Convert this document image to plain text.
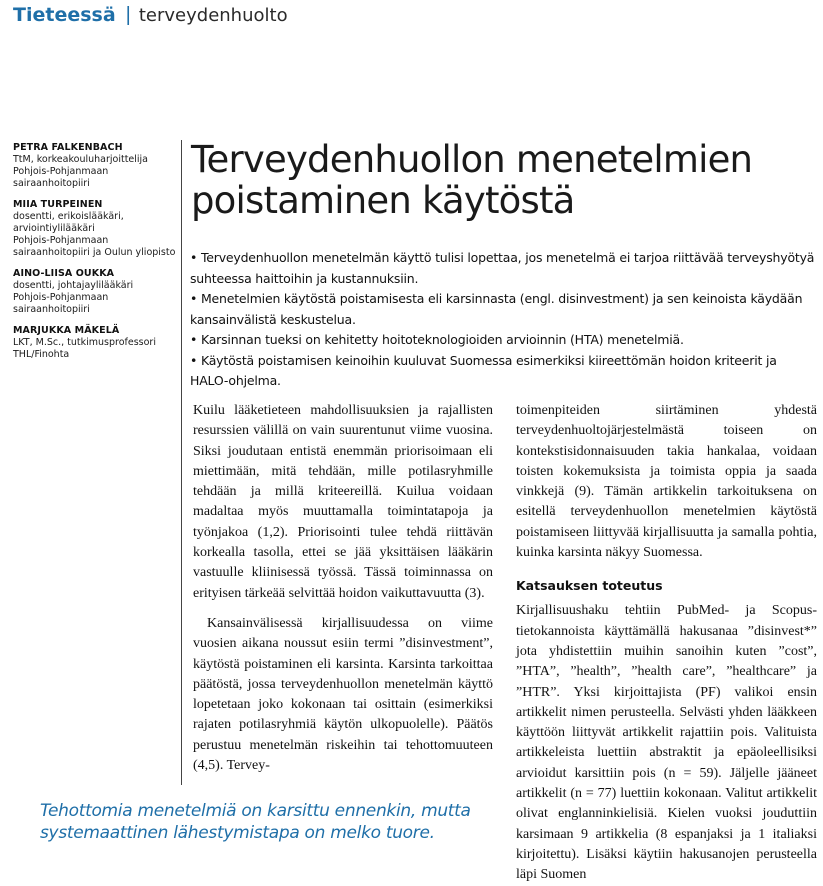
Tieteessä | terveydenhuolto
PETRA FALKENBACH
TtM, korkeakouluharjoittelija
Pohjois-Pohjanmaan
sairaanhoitopiiri
MIIA TURPEINEN
dosentti, erikoislääkäri,
arviointiylilääkäri
Pohjois-Pohjanmaan
sairaanhoitopiiri ja Oulun yliopisto
AINO-LIISA OUKKA
dosentti, johtajaylilääkäri
Pohjois-Pohjanmaan
sairaanhoitopiiri
MARJUKKA MÄKELÄ
LKT, M.Sc., tutkimusprofessori
THL/Finohta
Terveydenhuollon menetelmien
poistaminen käytöstä
• Terveydenhuollon menetelmän käyttö tulisi lopettaa, jos menetelmä ei tarjoa riittävää terveyshyötyä suhteessa haittoihin ja kustannuksiin.
• Menetelmien käytöstä poistamisesta eli karsinnasta (engl. disinvestment) ja sen keinoista käydään kansainvälistä keskustelua.
• Karsinnan tueksi on kehitetty hoitoteknologioiden arvioinnin (HTA) menetelmiä.
• Käytöstä poistamisen keinoihin kuuluvat Suomessa esimerkiksi kiireettömän hoidon kriteerit ja HALO-ohjelma.

Kuilu lääketieteen mahdollisuuksien ja rajallisten resurssien välillä on vain suurentunut viime vuosina. Siksi joudutaan entistä enemmän priorisoimaan eli miettimään, mitä tehdään, mille potilasryhmille tehdään ja millä kriteereillä. Kuilua voidaan madaltaa myös muuttamalla toimintatapoja ja työnjakoa (1,2). Priorisointi tulee tehdä riittävän korkealla tasolla, ettei se jää yksittäisen lääkärin vastuulle kliinisessä työssä. Tässä toiminnassa on erityisen tärkeää selvittää hoidon vaikuttavuutta (3).

Kansainvälisessä kirjallisuudessa on viime vuosien aikana noussut esiin termi ”disinvestment”, käytöstä poistaminen eli karsinta. Karsinta tarkoittaa päätöstä, jossa terveydenhuollon menetelmän käyttö lopetetaan joko kokonaan tai osittain (esimerkiksi rajaten potilasryhmiä käytön ulkopuolelle). Päätös perustuu menetelmän riskeihin tai tehottomuuteen (4,5). Tervey-

toimenpiteiden siirtäminen yhdestä terveydenhuoltojärjestelmästä toiseen on kontekstisidonnaisuuden takia hankalaa, voidaan toisten kokemuksista ja toimista oppia ja saada vinkkejä (9). Tämän artikkelin tarkoituksena on esitellä terveydenhuollon menetelmien käytöstä poistamiseen liittyvää kirjallisuutta ja samalla pohtia, kuinka karsinta näkyy Suomessa.

Katsauksen toteutus

Kirjallisuushaku tehtiin PubMed- ja Scopus-tietokannoista käyttämällä hakusanaa ”disinvest*” jota yhdistettiin muihin sanoihin kuten ”cost”, ”HTA”, ”health”, ”health care”, ”healthcare” ja ”HTR”. Yksi kirjoittajista (PF) valikoi ensin artikkelit nimen perusteella. Selvästi yhden lääkkeen käyttöön liittyvät artikkelit rajattiin pois. Valituista artikkeleista luettiin abstraktit ja epäoleellisiksi arvioidut karsittiin pois (n = 59). Jäljelle jääneet artikkelit (n = 77) luettiin kokonaan. Valitut artikkelit olivat englanninkielisiä. Kielen vuoksi jouduttiin karsimaan 9 artikkelia (8 espanjaksi ja 1 italiaksi kirjoitettu). Lisäksi käytiin hakusanojen perusteella läpi Suomen

Tehottomia menetelmiä on karsittu ennenkin, mutta systemaattinen lähestymistapa on melko tuore.
